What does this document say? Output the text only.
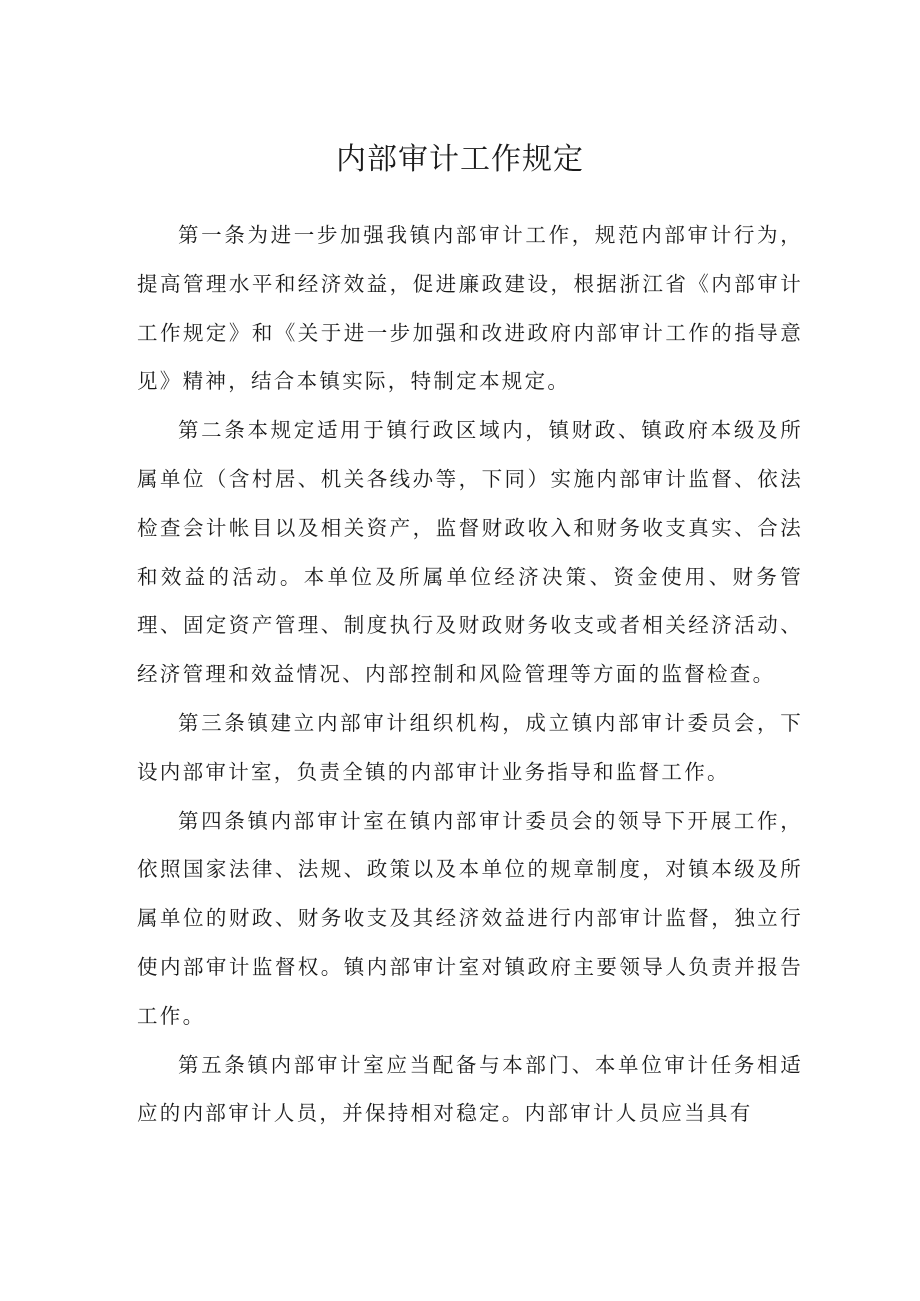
内部审计工作规定

第一条为进一步加强我镇内部审计工作，规范内部审计行为，提高管理水平和经济效益，促进廉政建设，根据浙江省《内部审计工作规定》和《关于进一步加强和改进政府内部审计工作的指导意见》精神，结合本镇实际，特制定本规定。

第二条本规定适用于镇行政区域内，镇财政、镇政府本级及所属单位（含村居、机关各线办等，下同）实施内部审计监督、依法检查会计帐目以及相关资产，监督财政收入和财务收支真实、合法和效益的活动。本单位及所属单位经济决策、资金使用、财务管理、固定资产管理、制度执行及财政财务收支或者相关经济活动、经济管理和效益情况、内部控制和风险管理等方面的监督检查。

第三条镇建立内部审计组织机构，成立镇内部审计委员会，下设内部审计室，负责全镇的内部审计业务指导和监督工作。

第四条镇内部审计室在镇内部审计委员会的领导下开展工作，依照国家法律、法规、政策以及本单位的规章制度，对镇本级及所属单位的财政、财务收支及其经济效益进行内部审计监督，独立行使内部审计监督权。镇内部审计室对镇政府主要领导人负责并报告工作。

第五条镇内部审计室应当配备与本部门、本单位审计任务相适应的内部审计人员，并保持相对稳定。内部审计人员应当具有
